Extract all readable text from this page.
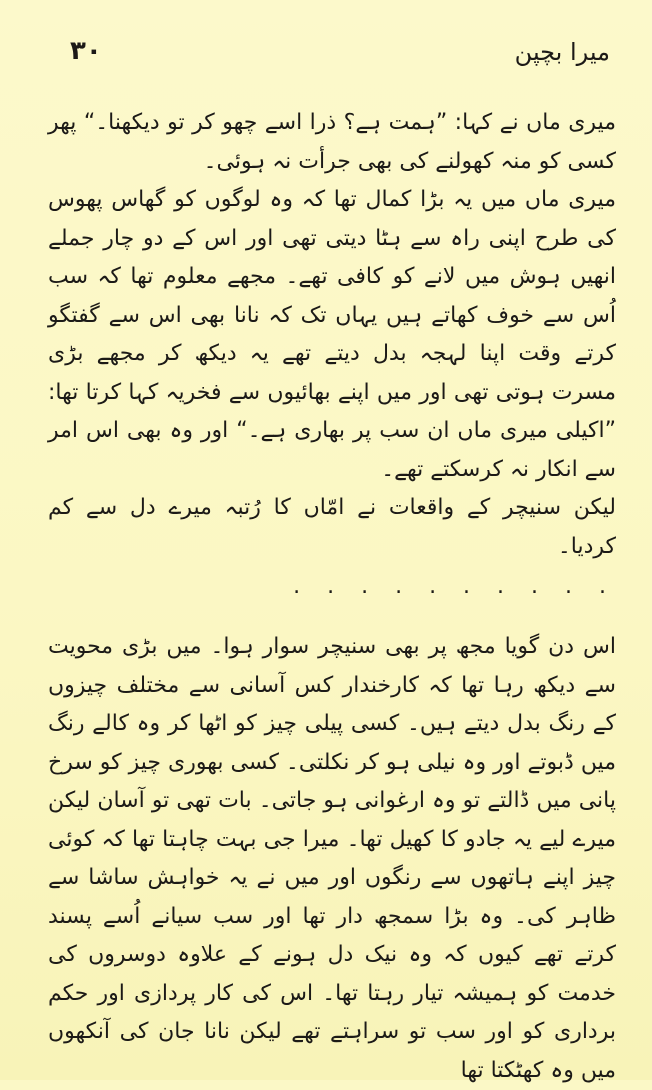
٣٠	میرا بچپن

میری ماں نے کہا: ”ہمت ہے؟ ذرا اسے چھو کر تو دیکھنا۔“ پھر کسی کو منہ کھولنے کی بھی جرأت نہ ہوئی۔

میری ماں میں یہ بڑا کمال تھا کہ وہ لوگوں کو گھاس پھوس کی طرح اپنی راہ سے ہٹا دیتی تھی اور اس کے دو چار جملے انھیں ہوش میں لانے کو کافی تھے۔ مجھے معلوم تھا کہ سب اُس سے خوف کھاتے ہیں یہاں تک کہ نانا بھی اس سے گفتگو کرتے وقت اپنا لہجہ بدل دیتے تھے یہ دیکھ کر مجھے بڑی مسرت ہوتی تھی اور میں اپنے بھائیوں سے فخریہ کہا کرتا تھا: ”اکیلی میری ماں ان سب پر بھاری ہے۔“ اور وہ بھی اس امر سے انکار نہ کرسکتے تھے۔

لیکن سنیچر کے واقعات نے امّاں کا رُتبہ میرے دل سے کم کردیا۔

. . . . . . . . . .

اس دن گویا مجھ پر بھی سنیچر سوار ہوا۔ میں بڑی محویت سے دیکھ رہا تھا کہ کارخندار کس آسانی سے مختلف چیزوں کے رنگ بدل دیتے ہیں۔ کسی پیلی چیز کو اٹھا کر وہ کالے رنگ میں ڈبوتے اور وہ نیلی ہو کر نکلتی۔ کسی بھوری چیز کو سرخ پانی میں ڈالتے تو وہ ارغوانی ہو جاتی۔ بات تھی تو آسان لیکن میرے لیے یہ جادو کا کھیل تھا۔ میرا جی بہت چاہتا تھا کہ کوئی چیز اپنے ہاتھوں سے رنگوں اور میں نے یہ خواہش ساشا سے ظاہر کی۔ وہ بڑا سمجھ دار تھا اور سب سیانے اُسے پسند کرتے تھے کیوں کہ وہ نیک دل ہونے کے علاوہ دوسروں کی خدمت کو ہمیشہ تیار رہتا تھا۔ اس کی کار پردازی اور حکم برداری کو اور سب تو سراہتے تھے لیکن نانا جان کی آنکھوں میں وہ کھٹکتا تھا
